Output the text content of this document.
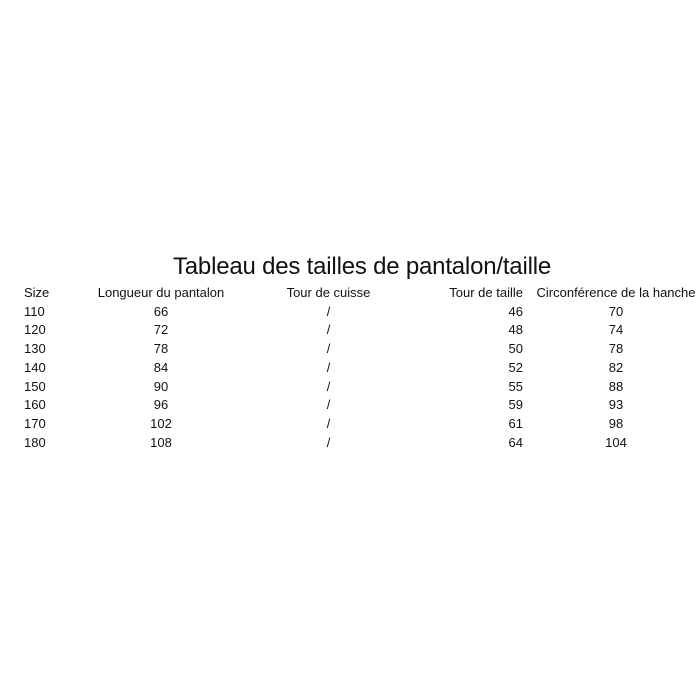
Tableau des tailles de pantalon/taille
Size	Longueur du pantalon	Tour de cuisse	Tour de taille	Circonférence de la hanche
110	66	/	46	70
120	72	/	48	74
130	78	/	50	78
140	84	/	52	82
150	90	/	55	88
160	96	/	59	93
170	102	/	61	98
180	108	/	64	104
